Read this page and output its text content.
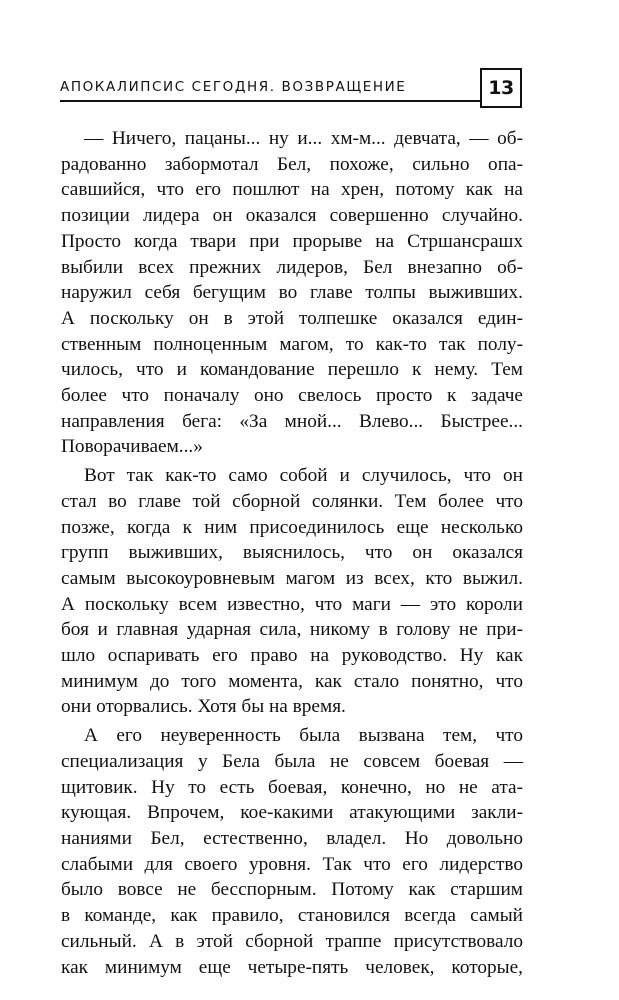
АПОКАЛИПСИС СЕГОДНЯ. ВОЗВРАЩЕНИЕ	13

— Ничего, пацаны... ну и... хм-м... девчата, — об-
радованно забормотал Бел, похоже, сильно опа-
савшийся, что его пошлют на хрен, потому как на
позиции лидера он оказался совершенно случайно.
Просто когда твари при прорыве на Стршансрашх
выбили всех прежних лидеров, Бел внезапно об-
наружил себя бегущим во главе толпы выживших.
А поскольку он в этой толпешке оказался един-
ственным полноценным магом, то как-то так полу-
чилось, что и командование перешло к нему. Тем
более что поначалу оно свелось просто к задаче
направления бега: «За мной... Влево... Быстрее...
Поворачиваем...»

Вот так как-то само собой и случилось, что он
стал во главе той сборной солянки. Тем более что
позже, когда к ним присоединилось еще несколько
групп выживших, выяснилось, что он оказался
самым высокоуровневым магом из всех, кто выжил.
А поскольку всем известно, что маги — это короли
боя и главная ударная сила, никому в голову не при-
шло оспаривать его право на руководство. Ну как
минимум до того момента, как стало понятно, что
они оторвались. Хотя бы на время.

А его неуверенность была вызвана тем, что
специализация у Бела была не совсем боевая —
щитовик. Ну то есть боевая, конечно, но не ата-
кующая. Впрочем, кое-какими атакующими закли-
наниями Бел, естественно, владел. Но довольно
слабыми для своего уровня. Так что его лидерство
было вовсе не бесспорным. Потому как старшим
в команде, как правило, становился всегда самый
сильный. А в этой сборной траппе присутствовало
как минимум еще четыре-пять человек, которые,
